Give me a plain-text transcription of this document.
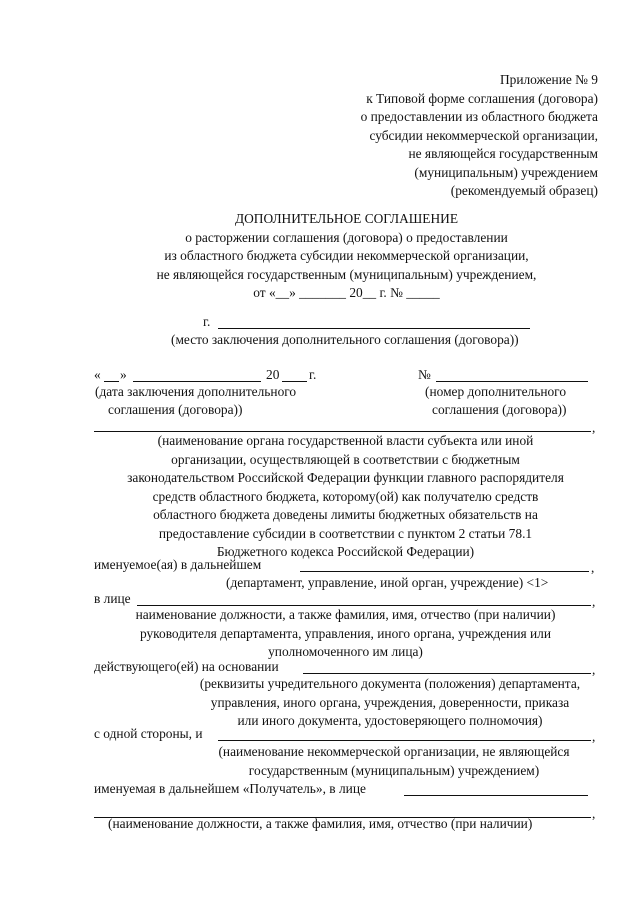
Приложение № 9
к Типовой форме соглашения (договора)
о предоставлении из областного бюджета
субсидии некоммерческой организации,
не являющейся государственным
(муниципальным) учреждением
(рекомендуемый образец)
ДОПОЛНИТЕЛЬНОЕ СОГЛАШЕНИЕ
о расторжении соглашения (договора) о предоставлении
из областного бюджета субсидии некоммерческой организации,
не являющейся государственным (муниципальным) учреждением,
от «__» _______ 20__ г. № _____
г.
(место заключения дополнительного соглашения (договора))
« »	20 г.
(дата заключения дополнительного
соглашения (договора))
№
(номер дополнительного
соглашения (договора))
,
(наименование органа государственной власти субъекта или иной
организации, осуществляющей в соответствии с бюджетным
законодательством Российской Федерации функции главного распорядителя
средств областного бюджета, которому(ой) как получателю средств
областного бюджета доведены лимиты бюджетных обязательств на
предоставление субсидии в соответствии с пунктом 2 статьи 78.1
Бюджетного кодекса Российской Федерации)
именуемое(ая) в дальнейшем	,
(департамент, управление, иной орган, учреждение) <1>
в лице	,
наименование должности, а также фамилия, имя, отчество (при наличии)
руководителя департамента, управления, иного органа, учреждения или
уполномоченного им лица)
действующего(ей) на основании	,
(реквизиты учредительного документа (положения) департамента,
управления, иного органа, учреждения, доверенности, приказа
или иного документа, удостоверяющего полномочия)
с одной стороны, и	,
(наименование некоммерческой организации, не являющейся
государственным (муниципальным) учреждением)
именуемая в дальнейшем «Получатель», в лице
,
(наименование должности, а также фамилия, имя, отчество (при наличии)
